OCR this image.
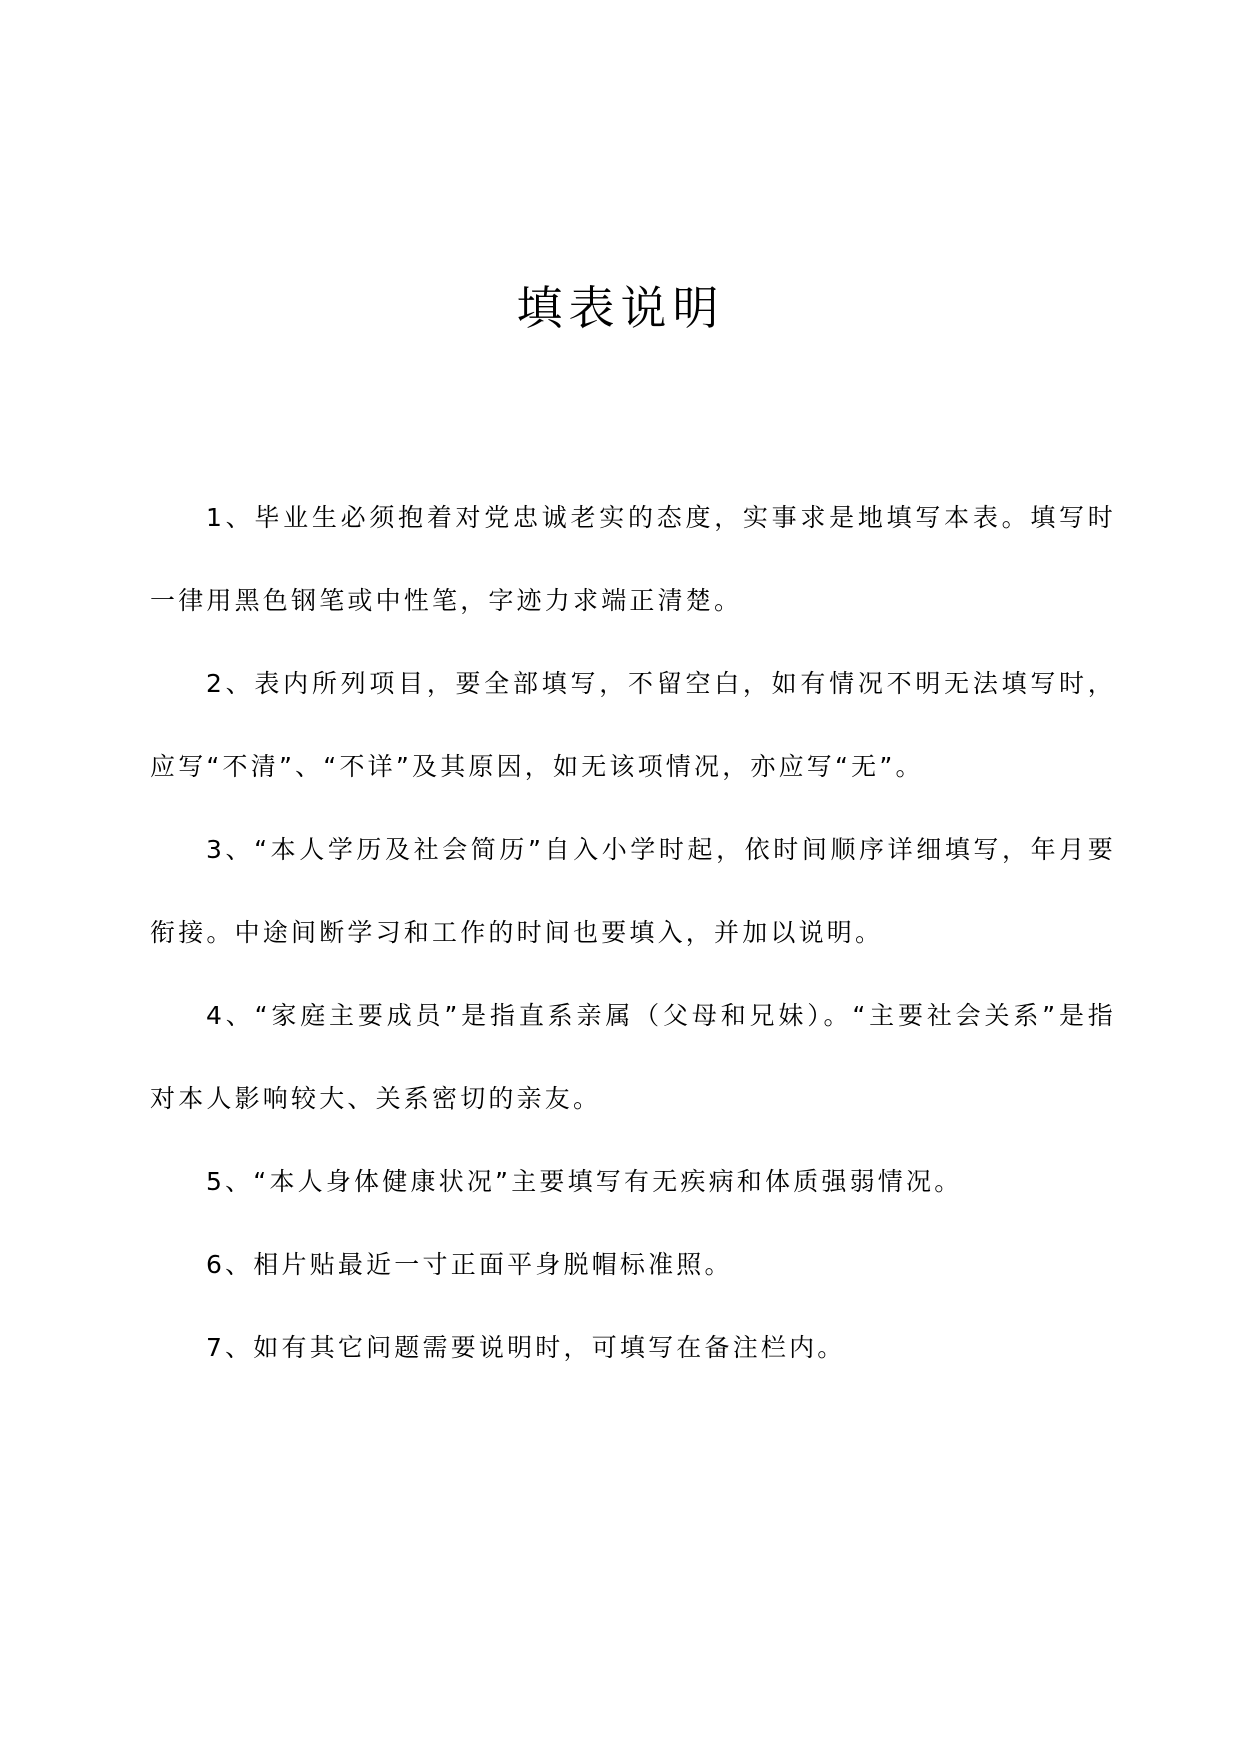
填表说明

1、毕业生必须抱着对党忠诚老实的态度，实事求是地填写本表。填写时一律用黑色钢笔或中性笔，字迹力求端正清楚。

2、表内所列项目，要全部填写，不留空白，如有情况不明无法填写时，应写“不清”、“不详”及其原因，如无该项情况，亦应写“无”。

3、“本人学历及社会简历”自入小学时起，依时间顺序详细填写，年月要衔接。中途间断学习和工作的时间也要填入，并加以说明。

4、“家庭主要成员”是指直系亲属（父母和兄妹）。“主要社会关系”是指对本人影响较大、关系密切的亲友。

5、“本人身体健康状况”主要填写有无疾病和体质强弱情况。

6、相片贴最近一寸正面平身脱帽标准照。

7、如有其它问题需要说明时，可填写在备注栏内。
